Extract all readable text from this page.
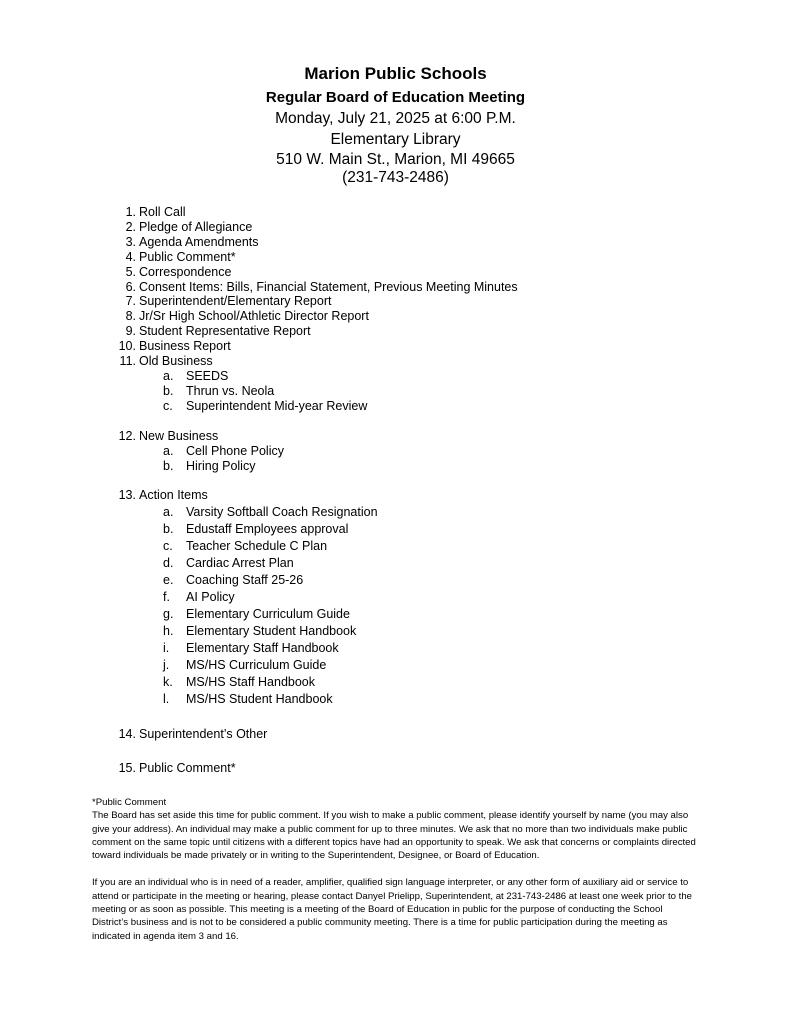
Marion Public Schools
Regular Board of Education Meeting
Monday, July 21, 2025 at 6:00 P.M.
Elementary Library
510 W. Main St., Marion, MI 49665
(231-743-2486)
1. Roll Call
2. Pledge of Allegiance
3. Agenda Amendments
4. Public Comment*
5. Correspondence
6. Consent Items: Bills, Financial Statement, Previous Meeting Minutes
7. Superintendent/Elementary Report
8. Jr/Sr High School/Athletic Director Report
9. Student Representative Report
10. Business Report
11. Old Business
a. SEEDS
b. Thrun vs. Neola
c. Superintendent Mid-year Review
12. New Business
a. Cell Phone Policy
b. Hiring Policy
13. Action Items
a. Varsity Softball Coach Resignation
b. Edustaff Employees approval
c. Teacher Schedule C Plan
d. Cardiac Arrest Plan
e. Coaching Staff 25-26
f. AI Policy
g. Elementary Curriculum Guide
h. Elementary Student Handbook
i. Elementary Staff Handbook
j. MS/HS Curriculum Guide
k. MS/HS Staff Handbook
l. MS/HS Student Handbook
14. Superintendent’s Other
15. Public Comment*

*Public Comment

The Board has set aside this time for public comment. If you wish to make a public comment, please identify yourself by name (you may also give your address). An individual may make a public comment for up to three minutes. We ask that no more than two individuals make public comment on the same topic until citizens with a different topics have had an opportunity to speak. We ask that concerns or complaints directed toward individuals be made privately or in writing to the Superintendent, Designee, or Board of Education.

If you are an individual who is in need of a reader, amplifier, qualified sign language interpreter, or any other form of auxiliary aid or service to attend or participate in the meeting or hearing, please contact Danyel Prielipp, Superintendent, at 231-743-2486 at least one week prior to the meeting or as soon as possible. This meeting is a meeting of the Board of Education in public for the purpose of conducting the School District’s business and is not to be considered a public community meeting. There is a time for public participation during the meeting as indicated in agenda item 3 and 16.
